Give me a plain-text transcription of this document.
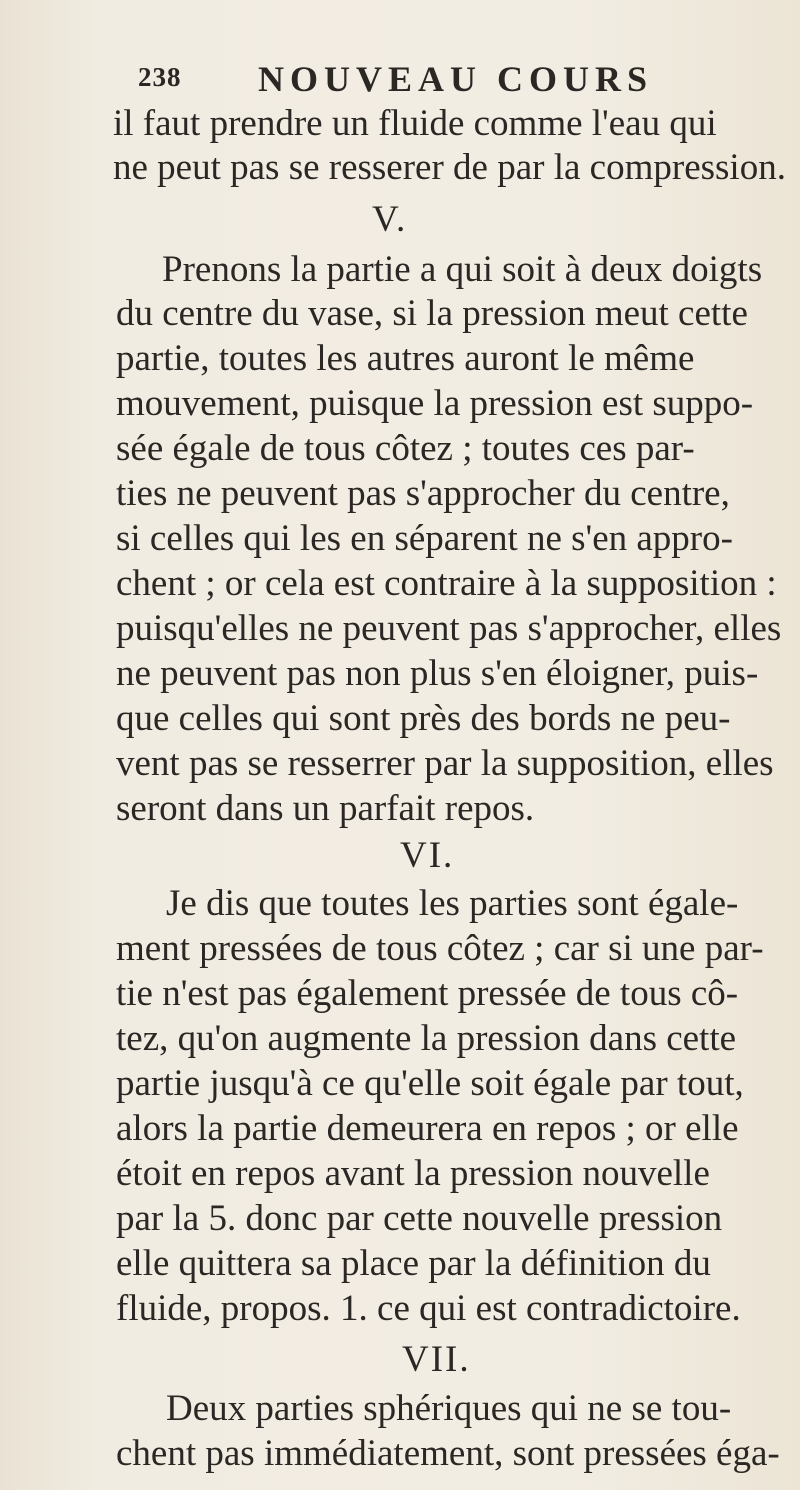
238 NOUVEAU COURS
il faut prendre un fluide comme l'eau qui
ne peut pas se resserer de par la compression.
V.
Prenons la partie a qui soit à deux doigts
du centre du vase, si la pression meut cette
partie, toutes les autres auront le même
mouvement, puisque la pression est suppo-
sée égale de tous côtez ; toutes ces par-
ties ne peuvent pas s'approcher du centre,
si celles qui les en séparent ne s'en appro-
chent ; or cela est contraire à la supposition :
puisqu'elles ne peuvent pas s'approcher, elles
ne peuvent pas non plus s'en éloigner, puis-
que celles qui sont près des bords ne peu-
vent pas se resserrer par la supposition, elles
seront dans un parfait repos.
VI.
Je dis que toutes les parties sont égale-
ment pressées de tous côtez ; car si une par-
tie n'est pas également pressée de tous cô-
tez, qu'on augmente la pression dans cette
partie jusqu'à ce qu'elle soit égale par tout,
alors la partie demeurera en repos ; or elle
étoit en repos avant la pression nouvelle
par la 5. donc par cette nouvelle pression
elle quittera sa place par la définition du
fluide, propos. 1. ce qui est contradictoire.
VII.
Deux parties sphériques qui ne se tou-
chent pas immédiatement, sont pressées éga-
